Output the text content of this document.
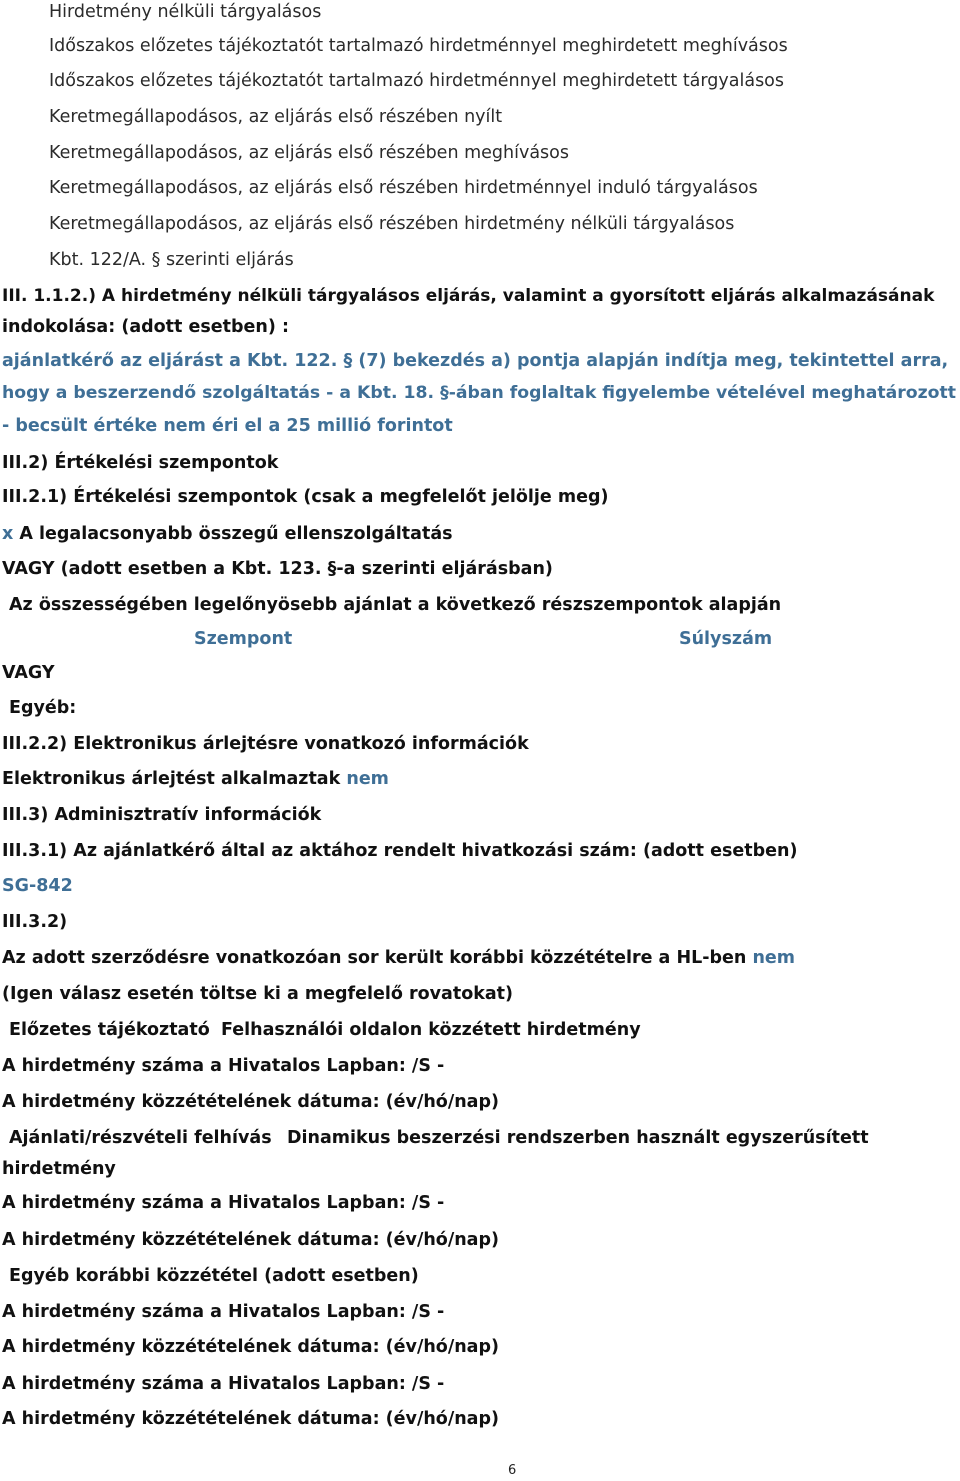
Hirdetmény nélküli tárgyalásos
Időszakos előzetes tájékoztatót tartalmazó hirdetménnyel meghirdetett meghívásos
Időszakos előzetes tájékoztatót tartalmazó hirdetménnyel meghirdetett tárgyalásos
Keretmegállapodásos, az eljárás első részében nyílt
Keretmegállapodásos, az eljárás első részében meghívásos
Keretmegállapodásos, az eljárás első részében hirdetménnyel induló tárgyalásos
Keretmegállapodásos, az eljárás első részében hirdetmény nélküli tárgyalásos
Kbt. 122/A. § szerinti eljárás
III. 1.1.2.) A hirdetmény nélküli tárgyalásos eljárás, valamint a gyorsított eljárás alkalmazásának
indokolása: (adott esetben) :
ajánlatkérő az eljárást a Kbt. 122. § (7) bekezdés a) pontja alapján indítja meg, tekintettel arra,
hogy a beszerzendő szolgáltatás - a Kbt. 18. §-ában foglaltak figyelembe vételével meghatározott
- becsült értéke nem éri el a 25 millió forintot
III.2) Értékelési szempontok
III.2.1) Értékelési szempontok (csak a megfelelőt jelölje meg)
x A legalacsonyabb összegű ellenszolgáltatás
VAGY (adott esetben a Kbt. 123. §-a szerinti eljárásban)
Az összességében legelőnyösebb ajánlat a következő részszempontok alapján
Szempont	Súlyszám
VAGY
Egyéb:
III.2.2) Elektronikus árlejtésre vonatkozó információk
Elektronikus árlejtést alkalmaztak nem
III.3) Adminisztratív információk
III.3.1) Az ajánlatkérő által az aktához rendelt hivatkozási szám: (adott esetben)
SG-842
III.3.2)
Az adott szerződésre vonatkozóan sor került korábbi közzétételre a HL-ben nem
(Igen válasz esetén töltse ki a megfelelő rovatokat)
Előzetes tájékoztató Felhasználói oldalon közzétett hirdetmény
A hirdetmény száma a Hivatalos Lapban: /S -
A hirdetmény közzétételének dátuma: (év/hó/nap)
Ajánlati/részvételi felhívás Dinamikus beszerzési rendszerben használt egyszerűsített
hirdetmény
A hirdetmény száma a Hivatalos Lapban: /S -
A hirdetmény közzétételének dátuma: (év/hó/nap)
Egyéb korábbi közzététel (adott esetben)
A hirdetmény száma a Hivatalos Lapban: /S -
A hirdetmény közzétételének dátuma: (év/hó/nap)
A hirdetmény száma a Hivatalos Lapban: /S -
A hirdetmény közzétételének dátuma: (év/hó/nap)
6
